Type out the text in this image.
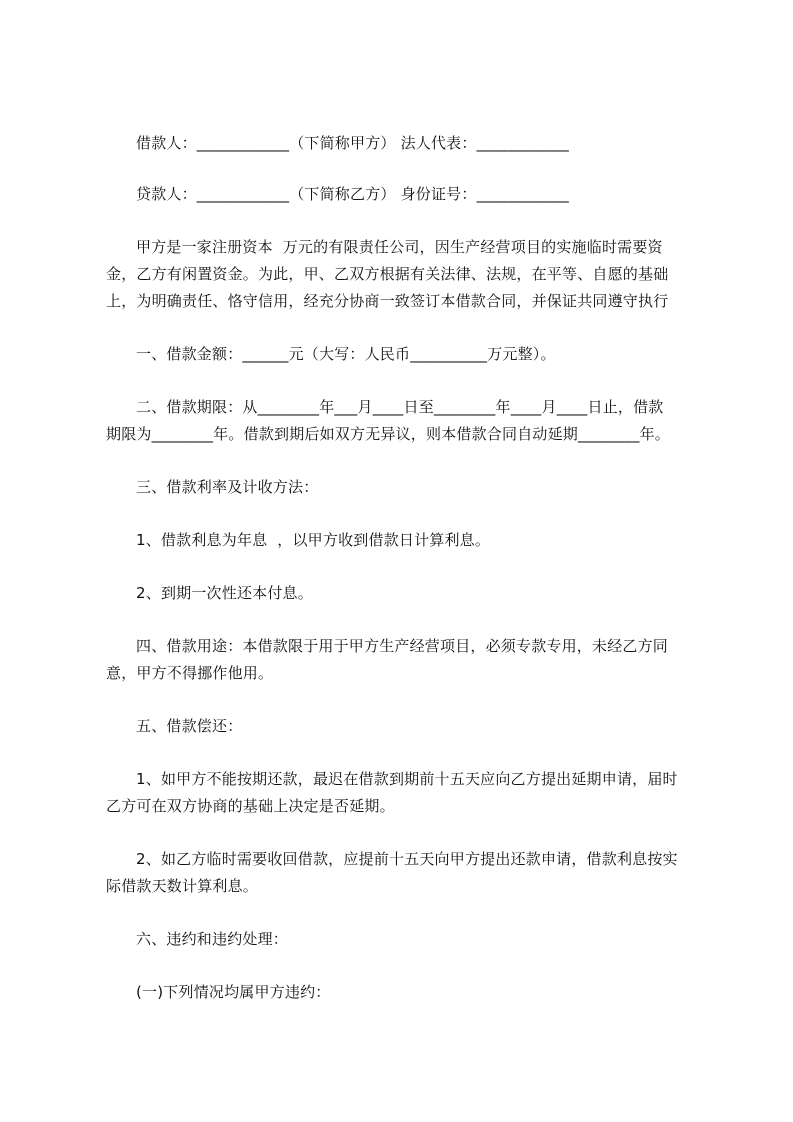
借款人：____________（下简称甲方） 法人代表：____________
贷款人：____________（下简称乙方） 身份证号：____________
甲方是一家注册资本  万元的有限责任公司，因生产经营项目的实施临时需要资
金，乙方有闲置资金。为此，甲、乙双方根据有关法律、法规，在平等、自愿的基础
上，为明确责任、恪守信用，经充分协商一致签订本借款合同，并保证共同遵守执行
一、借款金额：______元（大写：人民币__________万元整）。
二、借款期限：从________年___月____日至________年____月____日止，借款
期限为________年。借款到期后如双方无异议，则本借款合同自动延期________年。
三、借款利率及计收方法：
1、借款利息为年息  ，以甲方收到借款日计算利息。
2、到期一次性还本付息。
四、借款用途：本借款限于用于甲方生产经营项目，必须专款专用，未经乙方同
意，甲方不得挪作他用。
五、借款偿还：
1、如甲方不能按期还款，最迟在借款到期前十五天应向乙方提出延期申请，届时
乙方可在双方协商的基础上决定是否延期。
2、如乙方临时需要收回借款，应提前十五天向甲方提出还款申请，借款利息按实
际借款天数计算利息。
六、违约和违约处理：
(一)下列情况均属甲方违约：
